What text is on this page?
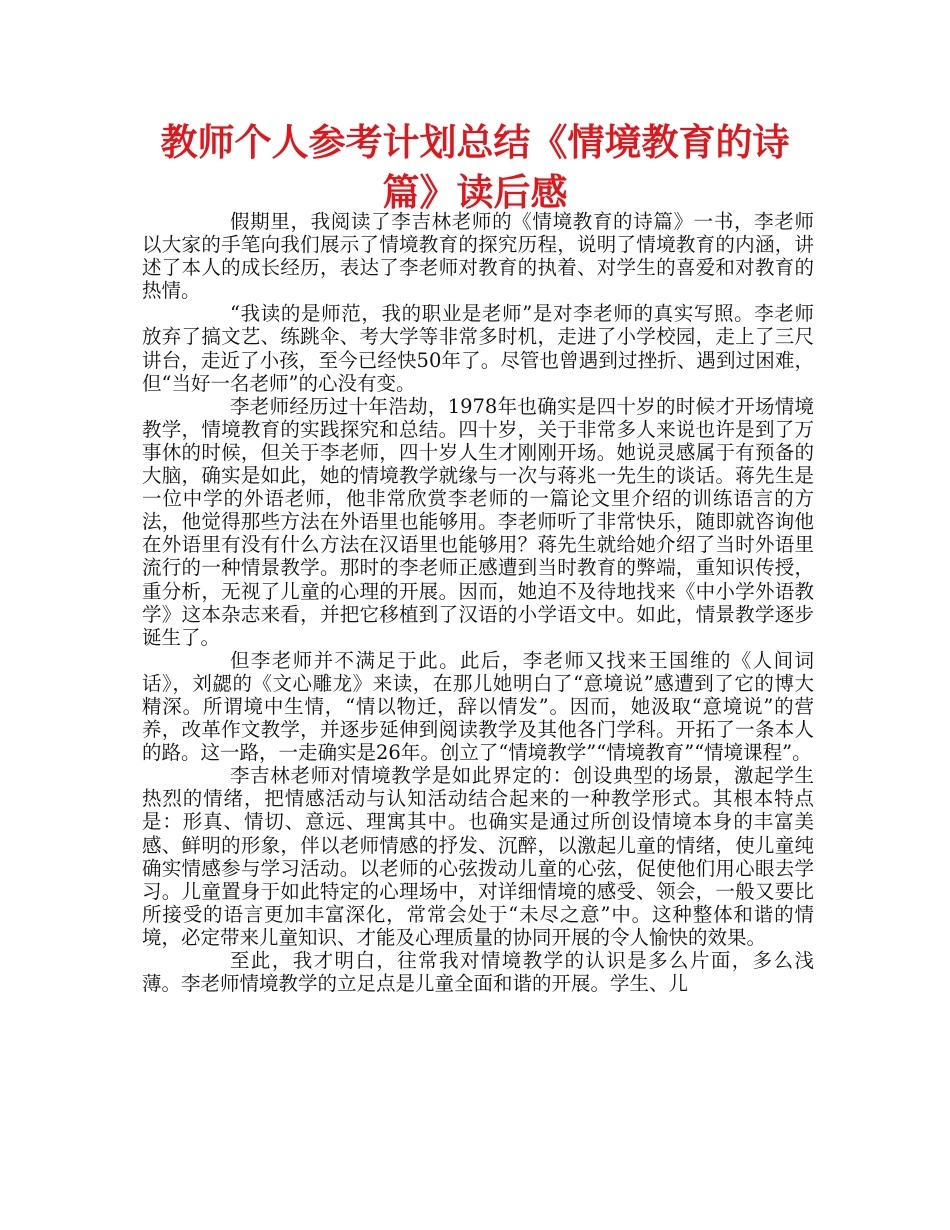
教师个人参考计划总结《情境教育的诗篇》读后感

假期里，我阅读了李吉林老师的《情境教育的诗篇》一书，李老师以大家的手笔向我们展示了情境教育的探究历程，说明了情境教育的内涵，讲述了本人的成长经历，表达了李老师对教育的执着、对学生的喜爱和对教育的热情。

“我读的是师范，我的职业是老师”是对李老师的真实写照。李老师放弃了搞文艺、练跳伞、考大学等非常多时机，走进了小学校园，走上了三尺讲台，走近了小孩，至今已经快50年了。尽管也曾遇到过挫折、遇到过困难，但“当好一名老师”的心没有变。

李老师经历过十年浩劫，1978年也确实是四十岁的时候才开场情境教学，情境教育的实践探究和总结。四十岁，关于非常多人来说也许是到了万事休的时候，但关于李老师，四十岁人生才刚刚开场。她说灵感属于有预备的大脑，确实是如此，她的情境教学就缘与一次与蒋兆一先生的谈话。蒋先生是一位中学的外语老师，他非常欣赏李老师的一篇论文里介绍的训练语言的方法，他觉得那些方法在外语里也能够用。李老师听了非常快乐，随即就咨询他在外语里有没有什么方法在汉语里也能够用？蒋先生就给她介绍了当时外语里流行的一种情景教学。那时的李老师正感遭到当时教育的弊端，重知识传授，重分析，无视了儿童的心理的开展。因而，她迫不及待地找来《中小学外语教学》这本杂志来看，并把它移植到了汉语的小学语文中。如此，情景教学逐步诞生了。

但李老师并不满足于此。此后，李老师又找来王国维的《人间词话》，刘勰的《文心雕龙》来读，在那儿她明白了“意境说”感遭到了它的博大精深。所谓境中生情，“情以物迁，辞以情发”。因而，她汲取“意境说”的营养，改革作文教学，并逐步延伸到阅读教学及其他各门学科。开拓了一条本人的路。这一路，一走确实是26年。创立了“情境教学”“情境教育”“情境课程”。

李吉林老师对情境教学是如此界定的：创设典型的场景，激起学生热烈的情绪，把情感活动与认知活动结合起来的一种教学形式。其根本特点是：形真、情切、意远、理寓其中。也确实是通过所创设情境本身的丰富美感、鲜明的形象，伴以老师情感的抒发、沉醉，以激起儿童的情绪，使儿童纯确实情感参与学习活动。以老师的心弦拨动儿童的心弦，促使他们用心眼去学习。儿童置身于如此特定的心理场中，对详细情境的感受、领会，一般又要比所接受的语言更加丰富深化，常常会处于“未尽之意”中。这种整体和谐的情境，必定带来儿童知识、才能及心理质量的协同开展的令人愉快的效果。

至此，我才明白，往常我对情境教学的认识是多么片面，多么浅薄。李老师情境教学的立足点是儿童全面和谐的开展。学生、儿
